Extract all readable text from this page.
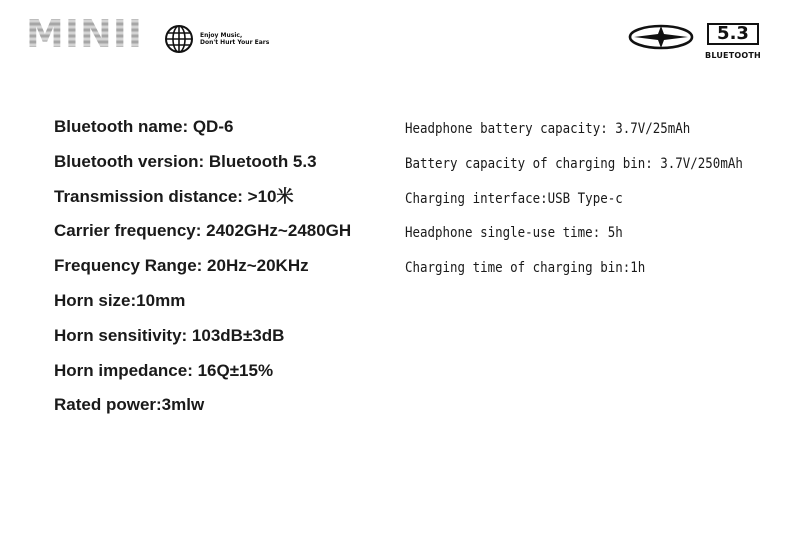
MINII	Enjoy Music,
Don't Hurt Your Ears	5.3
BLUETOOTH
Bluetooth name: QD-6
Bluetooth version: Bluetooth 5.3
Transmission distance: >10米
Carrier frequency: 2402GHz~2480GH
Frequency Range: 20Hz~20KHz
Horn size:10mm
Horn sensitivity: 103dB±3dB
Horn impedance: 16Q±15%
Rated power:3mlw
Headphone battery capacity: 3.7V/25mAh
Battery capacity of charging bin: 3.7V/250mAh
Charging interface:USB Type-c
Headphone single-use time: 5h
Charging time of charging bin:1h
